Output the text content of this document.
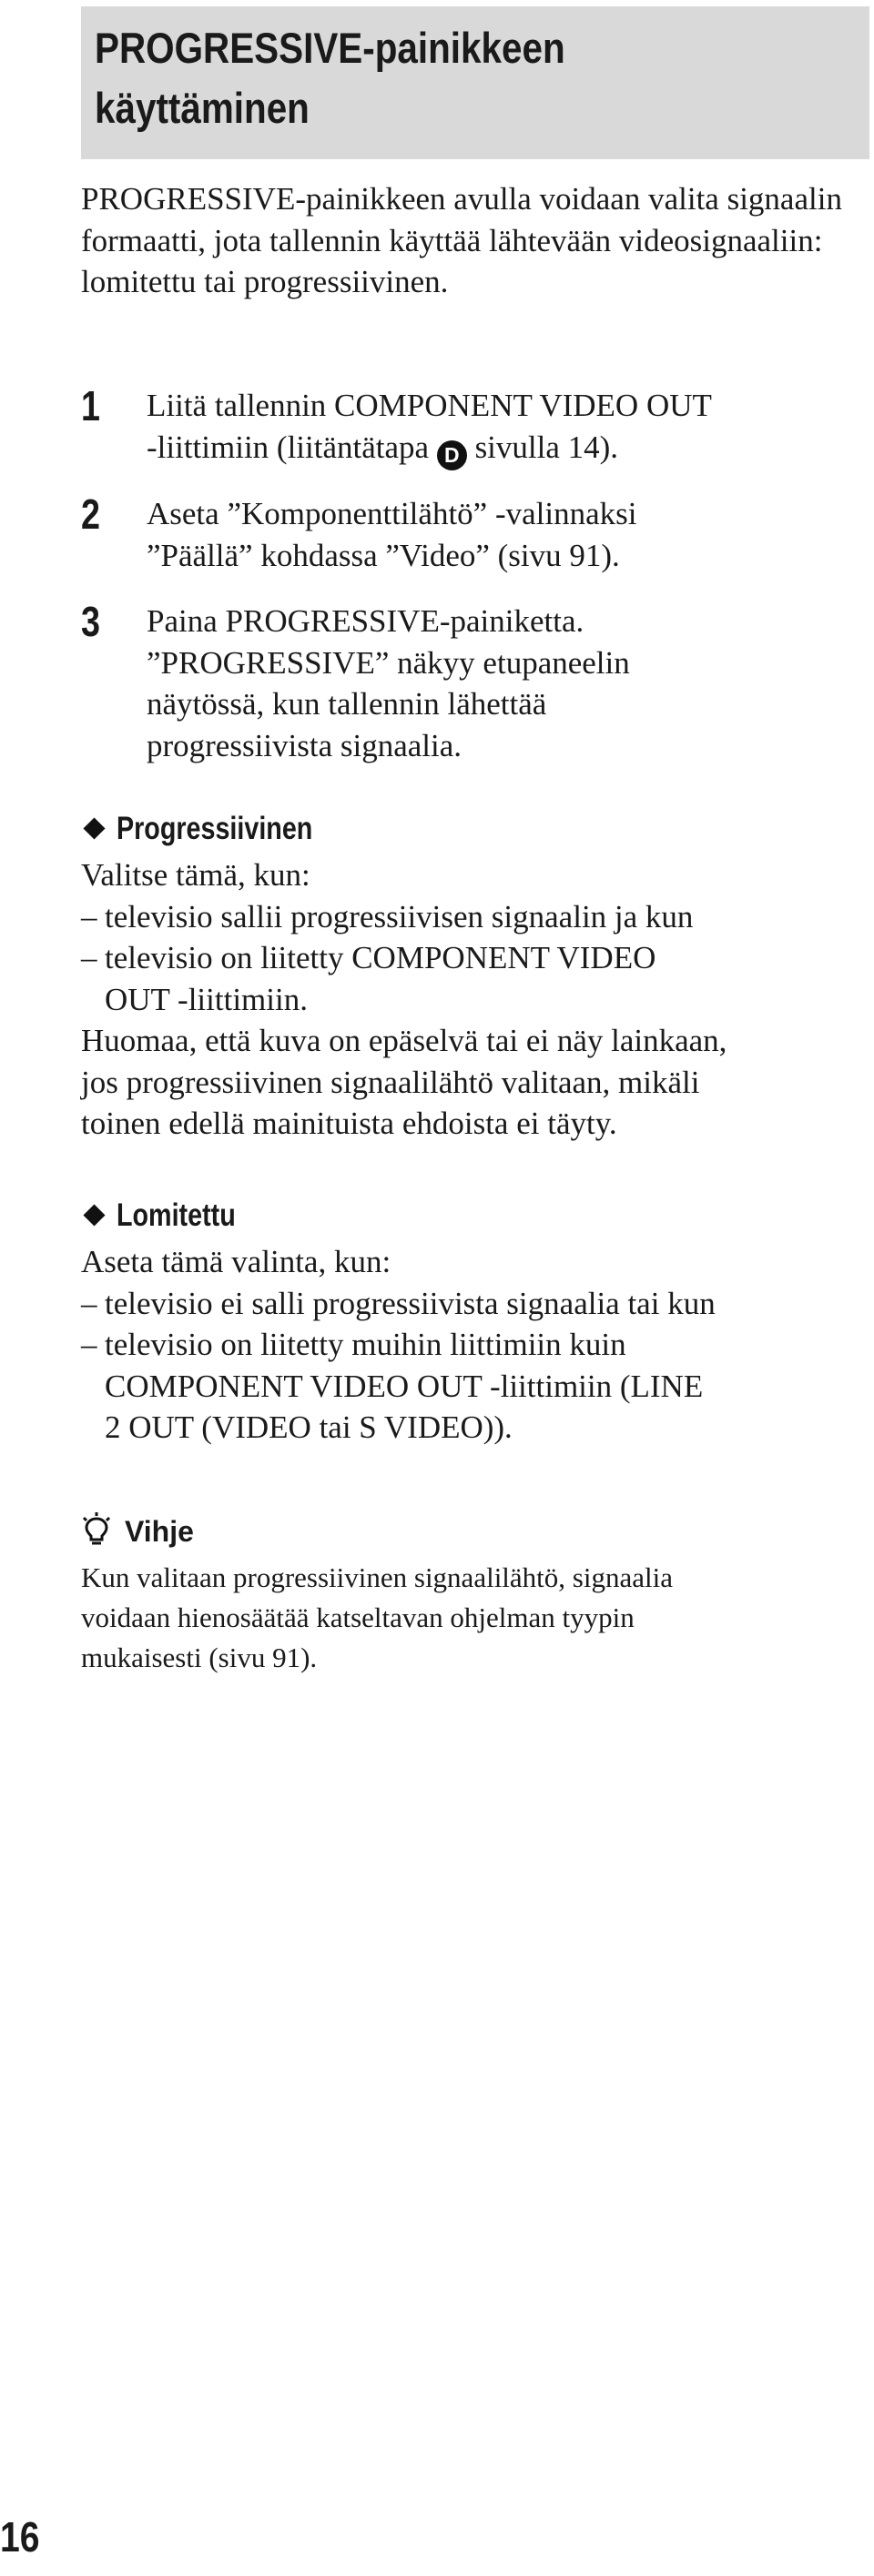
PROGRESSIVE-painikkeen
käyttäminen
PROGRESSIVE-painikkeen avulla voidaan valita signaalin formaatti, jota tallennin käyttää lähtevään videosignaaliin: lomitettu tai progressiivinen.
1 Liitä tallennin COMPONENT VIDEO OUT
-liittimiin (liitäntätapa D sivulla 14).
2 Aseta ”Komponenttilähtö” -valinnaksi
”Päällä” kohdassa ”Video” (sivu 91).
3 Paina PROGRESSIVE-painiketta.
”PROGRESSIVE” näkyy etupaneelin
näytössä, kun tallennin lähettää
progressiivista signaalia.
Progressiivinen
Valitse tämä, kun:
– televisio sallii progressiivisen signaalin ja kun
– televisio on liitetty COMPONENT VIDEO
OUT -liittimiin.
Huomaa, että kuva on epäselvä tai ei näy lainkaan,
jos progressiivinen signaalilähtö valitaan, mikäli
toinen edellä mainituista ehdoista ei täyty.
Lomitettu
Aseta tämä valinta, kun:
– televisio ei salli progressiivista signaalia tai kun
– televisio on liitetty muihin liittimiin kuin
COMPONENT VIDEO OUT -liittimiin (LINE
2 OUT (VIDEO tai S VIDEO)).
Vihje
Kun valitaan progressiivinen signaalilähtö, signaalia
voidaan hienosäätää katseltavan ohjelman tyypin
mukaisesti (sivu 91).
16
